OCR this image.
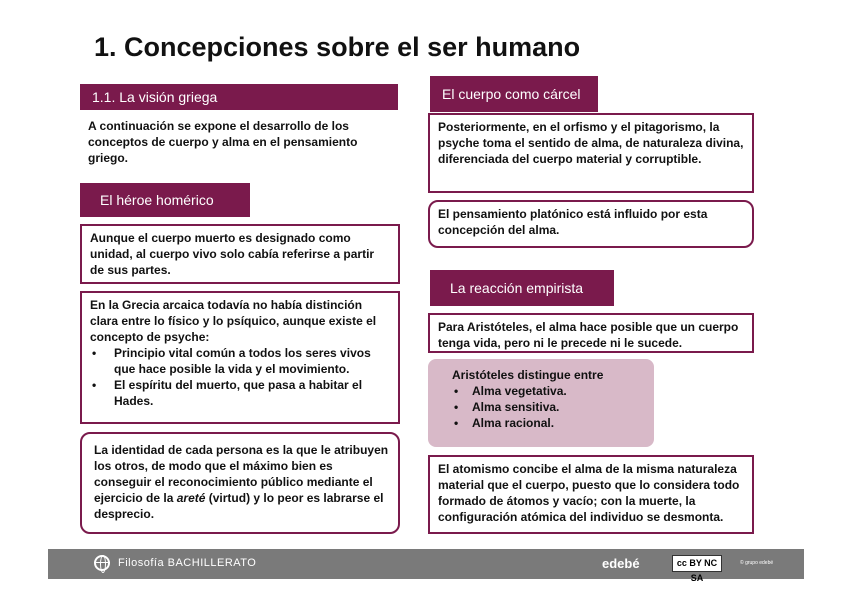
1. Concepciones sobre el ser humano
1.1. La visión griega
A continuación se expone el desarrollo de los conceptos de cuerpo y alma en el pensamiento griego.
El héroe homérico
Aunque el cuerpo muerto es designado como unidad, al cuerpo vivo solo cabía referirse a partir de sus partes.
En la Grecia arcaica todavía no había distinción clara entre lo físico y lo psíquico, aunque existe el concepto de psyche:
• Principio vital común a todos los seres vivos que hace posible la vida y el movimiento.
• El espíritu del muerto, que pasa a habitar el Hades.
La identidad de cada persona es la que le atribuyen los otros, de modo que el máximo bien es conseguir el reconocimiento público mediante el ejercicio de la areté (virtud) y lo peor es labrarse el desprecio.
El cuerpo como cárcel
Posteriormente, en el orfismo y el pitagorismo, la psyche toma el sentido de alma, de naturaleza divina, diferenciada del cuerpo material y corruptible.
El pensamiento platónico está influido por esta concepción del alma.
La reacción empirista
Para Aristóteles, el alma hace posible que un cuerpo tenga vida, pero ni le precede ni le sucede.
Aristóteles distingue entre
• Alma vegetativa.
• Alma sensitiva.
• Alma racional.
El atomismo concibe el alma de la misma naturaleza material que el cuerpo, puesto que lo considera todo formado de átomos y vacío; con la muerte, la configuración atómica del individuo se desmonta.
Filosofía BACHILLERATO	edebé	cc BY NC SA
© grupo edebé
